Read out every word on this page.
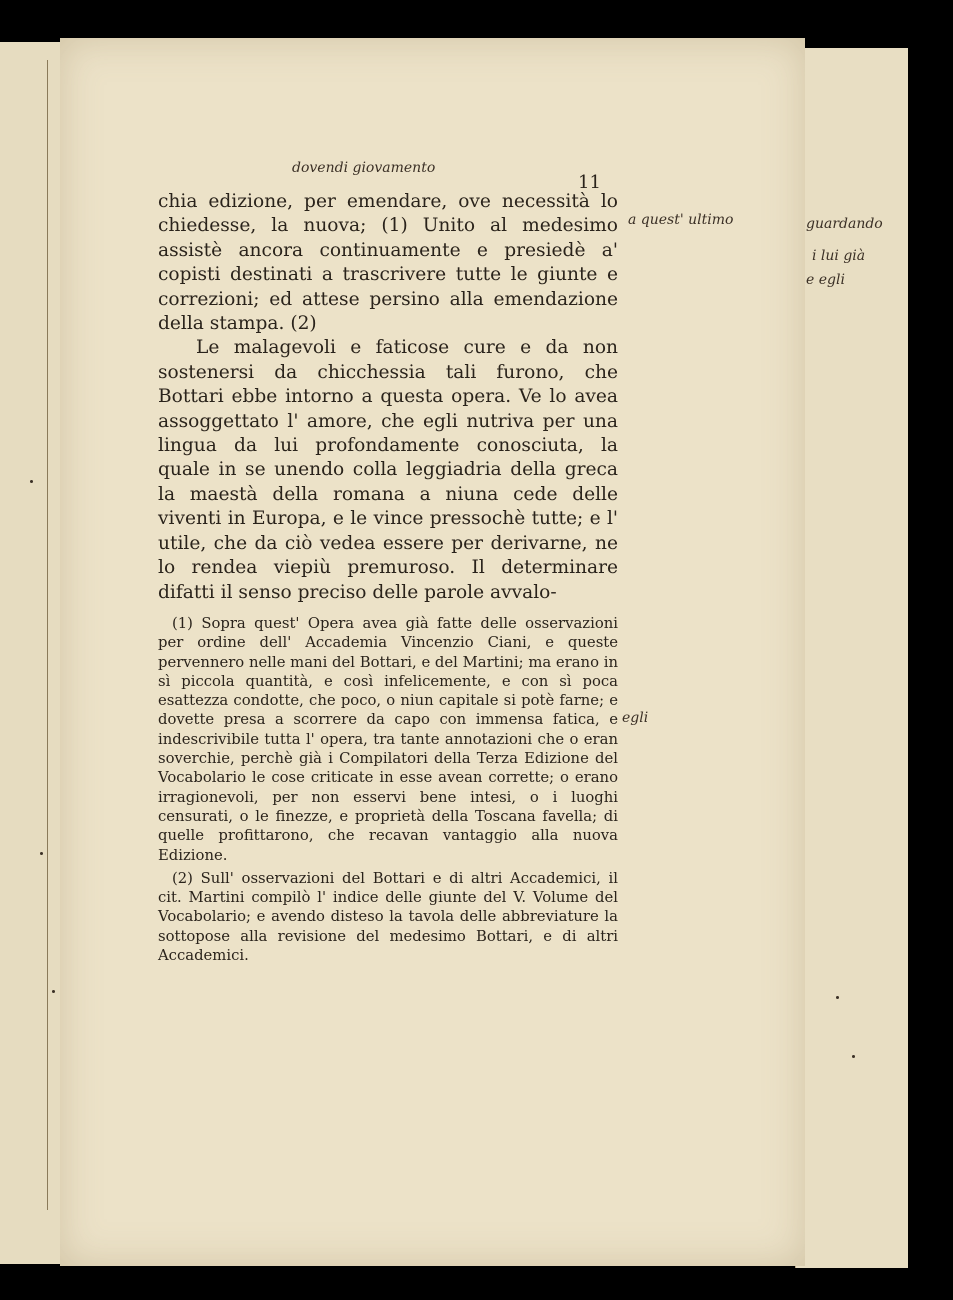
11
dovendi giovamento
a quest' ultimo
egli
guardando
i lui già
e egli

chia edizione, per emendare, ove necessità lo chiedesse, la nuova; (1) Unito al medesimo assistè ancora continuamente e presiedè a' copisti destinati a trascrivere tutte le giunte e correzioni; ed attese persino alla emendazione della stampa. (2)

Le malagevoli e faticose cure e da non sostenersi da chicchessia tali furono, che Bottari ebbe intorno a questa opera. Ve lo avea assoggettato l' amore, che egli nutriva per una lingua da lui profondamente conosciuta, la quale in se unendo colla leggiadria della greca la maestà della romana a niuna cede delle viventi in Europa, e le vince pressochè tutte; e l' utile, che da ciò vedea essere per derivarne, ne lo rendea viepiù premuroso. Il determinare difatti il senso preciso delle parole avvalo-

(1) Sopra quest' Opera avea già fatte delle osservazioni per ordine dell' Accademia Vincenzio Ciani, e queste pervennero nelle mani del Bottari, e del Martini; ma erano in sì piccola quantità, e così infelicemente, e con sì poca esattezza condotte, che poco, o niun capitale si potè farne; e dovette presa a scorrere da capo con immensa fatica, e indescrivibile tutta l' opera, tra tante annotazioni che o eran soverchie, perchè già i Compilatori della Terza Edizione del Vocabolario le cose criticate in esse avean corrette; o erano irragionevoli, per non esservi bene intesi, o i luoghi censurati, o le finezze, e proprietà della Toscana favella; di quelle profittarono, che recavan vantaggio alla nuova Edizione.

(2) Sull' osservazioni del Bottari e di altri Accademici, il cit. Martini compilò l' indice delle giunte del V. Volume del Vocabolario; e avendo disteso la tavola delle abbreviature la sottopose alla revisione del medesimo Bottari, e di altri Accademici.
